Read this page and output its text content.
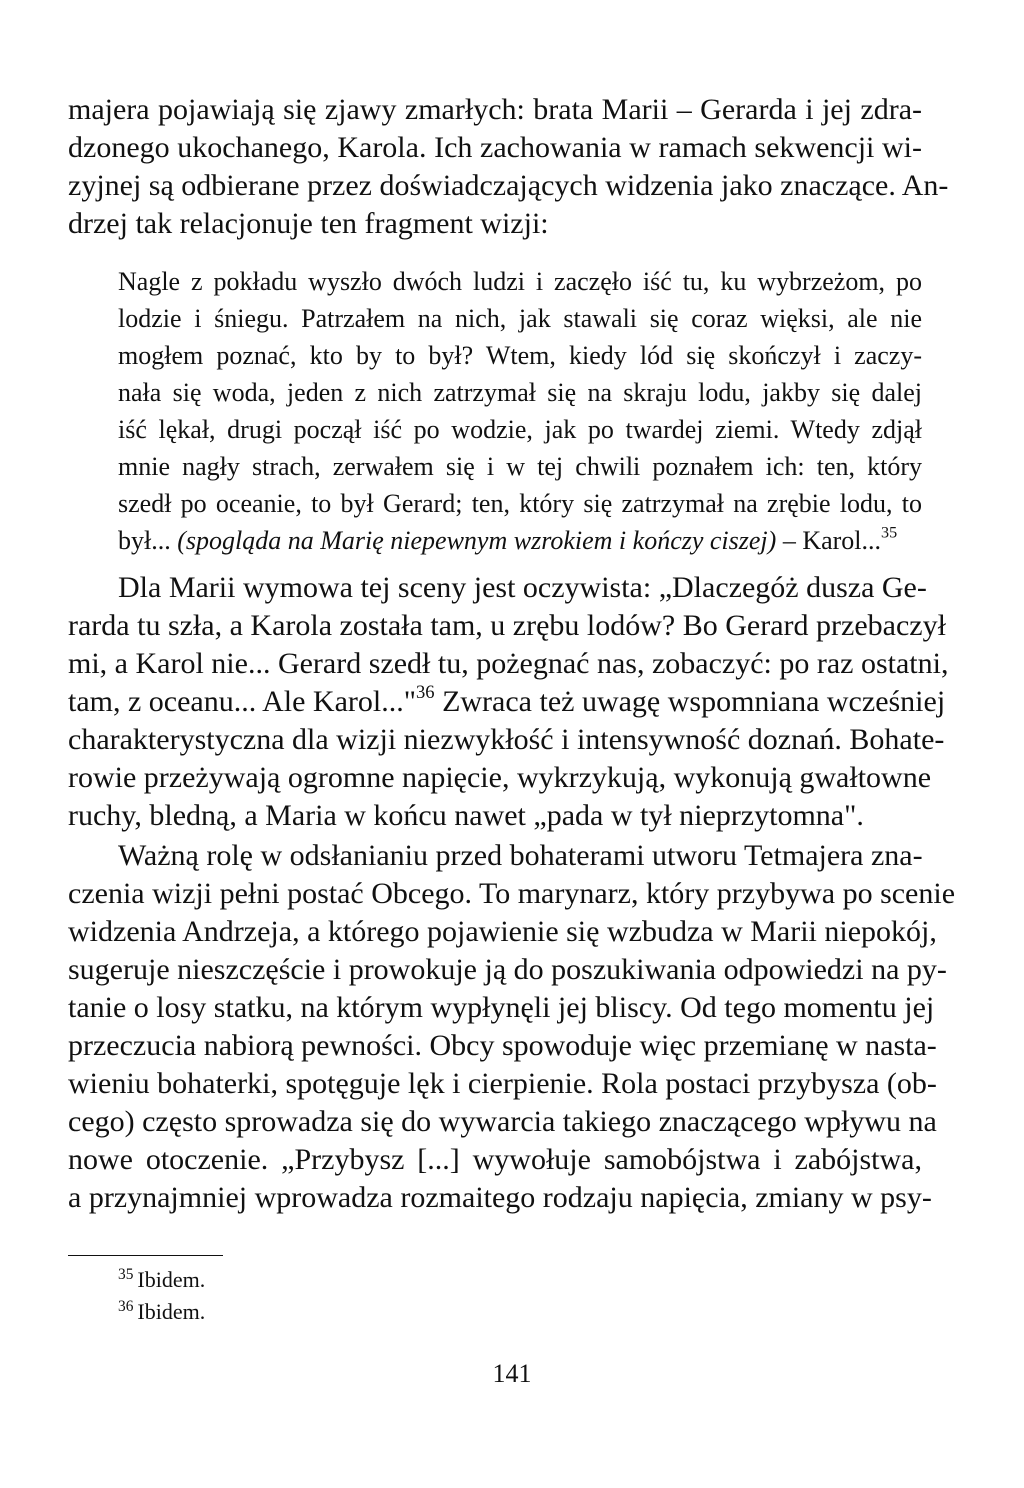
majera pojawiają się zjawy zmarłych: brata Marii – Gerarda i jej zdra-
dzonego ukochanego, Karola. Ich zachowania w ramach sekwencji wi-
zyjnej są odbierane przez doświadczających widzenia jako znaczące. An-
drzej tak relacjonuje ten fragment wizji:
Nagle z pokładu wyszło dwóch ludzi i zaczęło iść tu, ku wybrzeżom, po
lodzie i śniegu. Patrzałem na nich, jak stawali się coraz więksi, ale nie
mogłem poznać, kto by to był? Wtem, kiedy lód się skończył i zaczy-
nała się woda, jeden z nich zatrzymał się na skraju lodu, jakby się dalej
iść lękał, drugi począł iść po wodzie, jak po twardej ziemi. Wtedy zdjął
mnie nagły strach, zerwałem się i w tej chwili poznałem ich: ten, który
szedł po oceanie, to był Gerard; ten, który się zatrzymał na zrębie lodu, to
był... (spogląda na Marię niepewnym wzrokiem i kończy ciszej) – Karol...$^{35}$
Dla Marii wymowa tej sceny jest oczywista: „Dlaczegóż dusza Ge-
rarda tu szła, a Karola została tam, u zrębu lodów? Bo Gerard przebaczył
mi, a Karol nie... Gerard szedł tu, pożegnać nas, zobaczyć: po raz ostatni,
tam, z oceanu... Ale Karol..."$^{36}$ Zwraca też uwagę wspomniana wcześniej
charakterystyczna dla wizji niezwykłość i intensywność doznań. Bohate-
rowie przeżywają ogromne napięcie, wykrzykują, wykonują gwałtowne
ruchy, bledną, a Maria w końcu nawet „pada w tył nieprzytomna".
Ważną rolę w odsłanianiu przed bohaterami utworu Tetmajera zna-
czenia wizji pełni postać Obcego. To marynarz, który przybywa po scenie
widzenia Andrzeja, a którego pojawienie się wzbudza w Marii niepokój,
sugeruje nieszczęście i prowokuje ją do poszukiwania odpowiedzi na py-
tanie o losy statku, na którym wypłynęli jej bliscy. Od tego momentu jej
przeczucia nabiorą pewności. Obcy spowoduje więc przemianę w nasta-
wieniu bohaterki, spotęguje lęk i cierpienie. Rola postaci przybysza (ob-
cego) często sprowadza się do wywarcia takiego znaczącego wpływu na
nowe otoczenie. „Przybysz [...] wywołuje samobójstwa i zabójstwa,
a przynajmniej wprowadza rozmaitego rodzaju napięcia, zmiany w psy-
$^{35}$ Ibidem.
$^{36}$ Ibidem.
141
